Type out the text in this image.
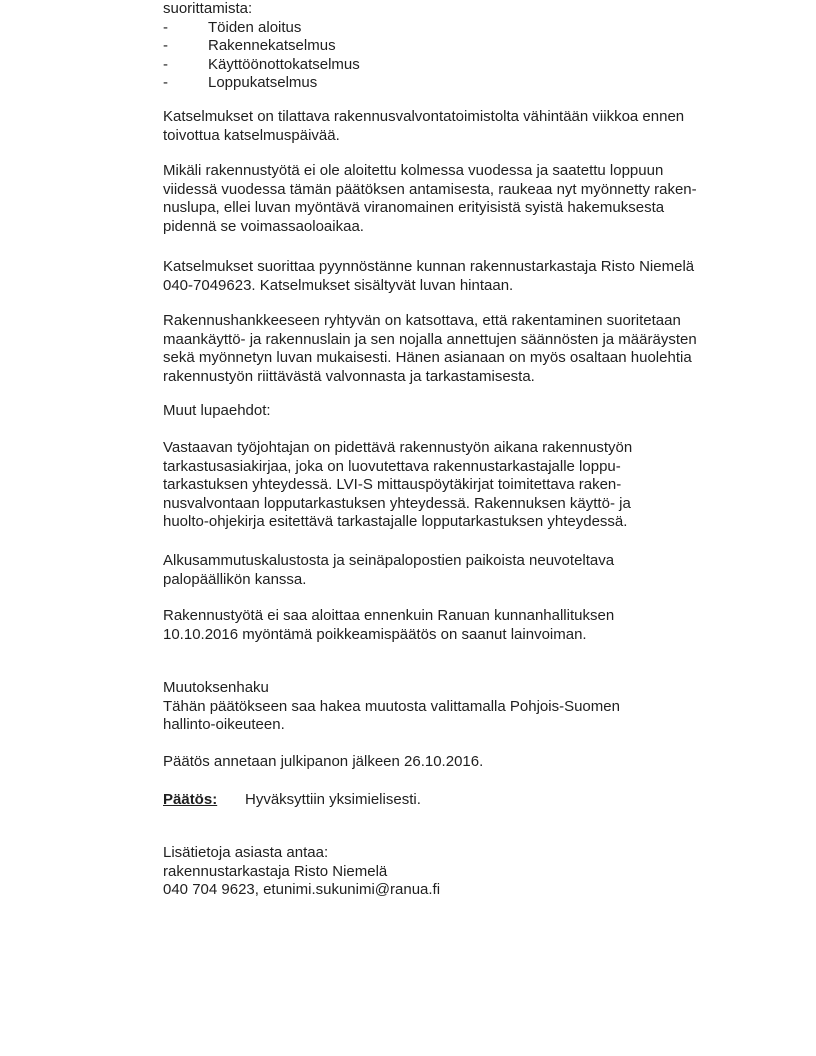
suorittamista:
-	Töiden aloitus
-	Rakennekatselmus
-	Käyttöönottokatselmus
-	Loppukatselmus
Katselmukset on tilattava rakennusvalvontatoimistolta vähintään viikkoa ennen
toivottua katselmuspäivää.
Mikäli rakennustyötä ei ole aloitettu kolmessa vuodessa ja saatettu loppuun
viidessä vuodessa tämän päätöksen antamisesta, raukeaa nyt myönnetty raken-
nuslupa, ellei luvan myöntävä viranomainen erityisistä syistä hakemuksesta
pidennä se voimassaoloaikaa.
Katselmukset suorittaa pyynnöstänne kunnan rakennustarkastaja Risto Niemelä
040-7049623. Katselmukset sisältyvät luvan hintaan.
Rakennushankkeeseen ryhtyvän on katsottava, että rakentaminen suoritetaan
maankäyttö- ja rakennuslain ja sen nojalla annettujen säännösten ja määräysten
sekä myönnetyn luvan mukaisesti. Hänen asianaan on myös osaltaan huolehtia
rakennustyön riittävästä valvonnasta ja tarkastamisesta.
Muut lupaehdot:
Vastaavan työjohtajan on pidettävä rakennustyön aikana rakennustyön
tarkastusasiakirjaa, joka on luovutettava rakennustarkastajalle loppu-
tarkastuksen yhteydessä. LVI-S mittauspöytäkirjat toimitettava raken-
nusvalvontaan lopputarkastuksen yhteydessä. Rakennuksen käyttö- ja
huolto-ohjekirja esitettävä tarkastajalle lopputarkastuksen yhteydessä.
Alkusammutuskalustosta ja seinäpalopostien paikoista neuvoteltava
palopäällikön kanssa.
Rakennustyötä ei saa aloittaa ennenkuin Ranuan kunnanhallituksen
10.10.2016 myöntämä poikkeamispäätös on saanut lainvoiman.
Muutoksenhaku
Tähän päätökseen saa hakea muutosta valittamalla Pohjois-Suomen
hallinto-oikeuteen.
Päätös annetaan julkipanon jälkeen 26.10.2016.
Päätös:	Hyväksyttiin yksimielisesti.
Lisätietoja asiasta antaa:
rakennustarkastaja Risto Niemelä
040 704 9623, etunimi.sukunimi@ranua.fi
